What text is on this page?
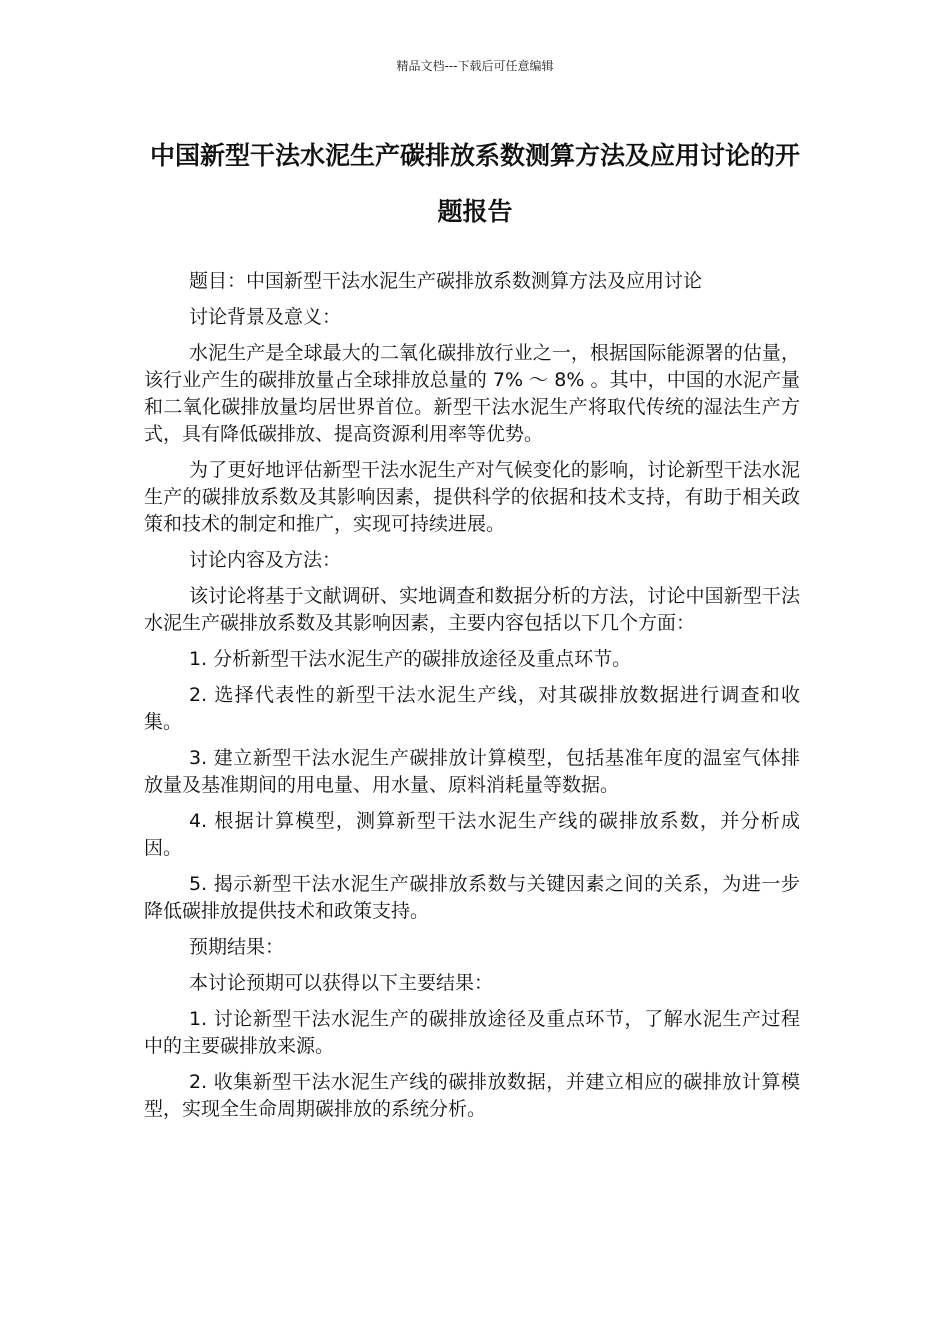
精品文档---下载后可任意编辑
中国新型干法水泥生产碳排放系数测算方法及应用讨论的开题报告

题目：中国新型干法水泥生产碳排放系数测算方法及应用讨论

讨论背景及意义：

水泥生产是全球最大的二氧化碳排放行业之一，根据国际能源署的估量，该行业产生的碳排放量占全球排放总量的 7% ～ 8% 。其中，中国的水泥产量和二氧化碳排放量均居世界首位。新型干法水泥生产将取代传统的湿法生产方式，具有降低碳排放、提高资源利用率等优势。

为了更好地评估新型干法水泥生产对气候变化的影响，讨论新型干法水泥生产的碳排放系数及其影响因素，提供科学的依据和技术支持，有助于相关政策和技术的制定和推广，实现可持续进展。

讨论内容及方法：

该讨论将基于文献调研、实地调查和数据分析的方法，讨论中国新型干法水泥生产碳排放系数及其影响因素，主要内容包括以下几个方面：

1. 分析新型干法水泥生产的碳排放途径及重点环节。

2. 选择代表性的新型干法水泥生产线，对其碳排放数据进行调查和收集。

3. 建立新型干法水泥生产碳排放计算模型，包括基准年度的温室气体排放量及基准期间的用电量、用水量、原料消耗量等数据。

4. 根据计算模型，测算新型干法水泥生产线的碳排放系数，并分析成因。

5. 揭示新型干法水泥生产碳排放系数与关键因素之间的关系，为进一步降低碳排放提供技术和政策支持。

预期结果：

本讨论预期可以获得以下主要结果：

1. 讨论新型干法水泥生产的碳排放途径及重点环节，了解水泥生产过程中的主要碳排放来源。

2. 收集新型干法水泥生产线的碳排放数据，并建立相应的碳排放计算模型，实现全生命周期碳排放的系统分析。
